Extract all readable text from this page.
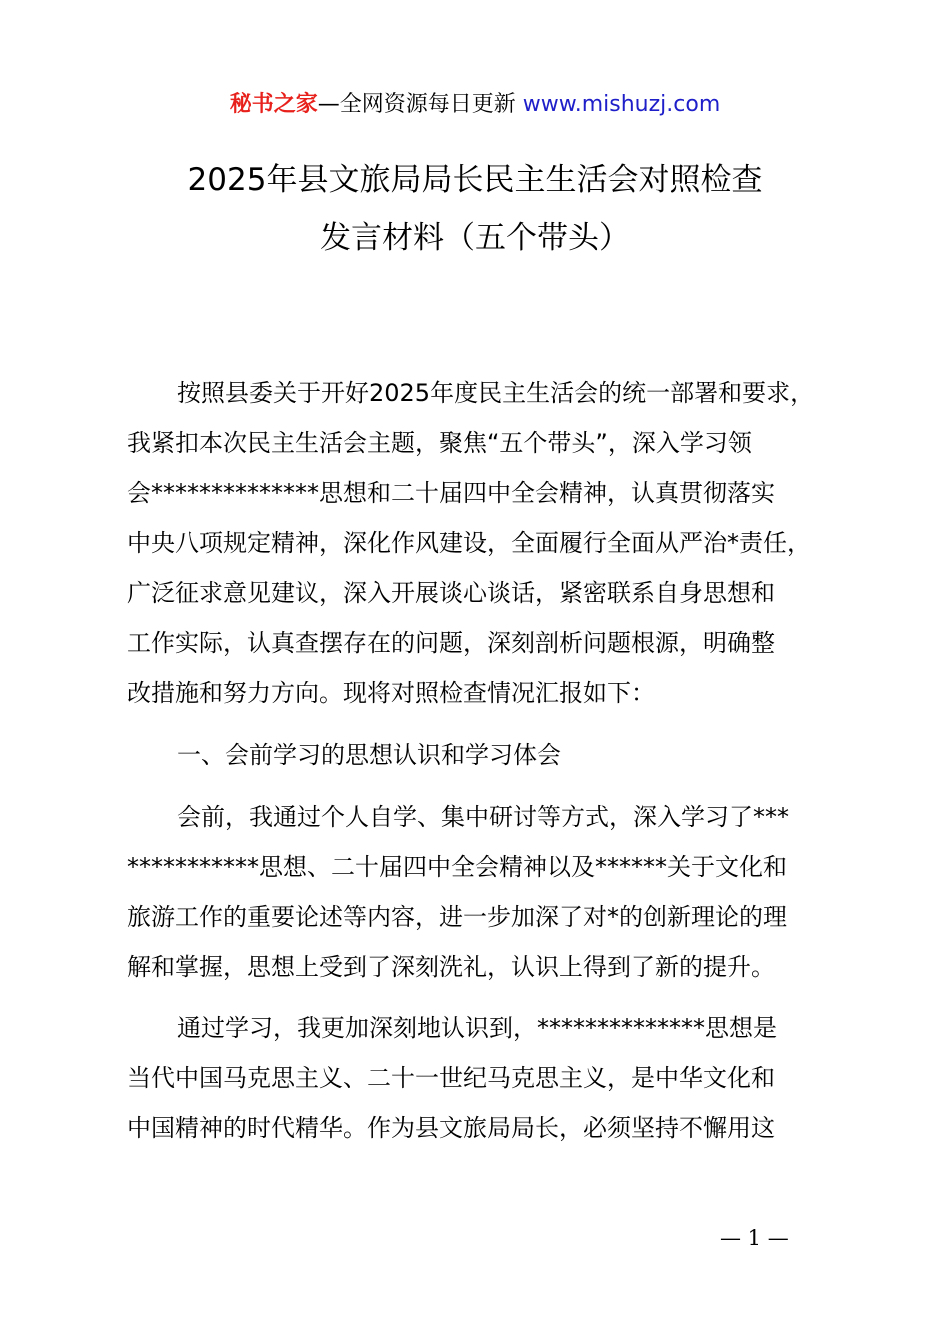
秘书之家—全网资源每日更新 www.mishuzj.com
2025年县文旅局局长民主生活会对照检查
发言材料（五个带头）
按照县委关于开好2025年度民主生活会的统一部署和要求，
我紧扣本次民主生活会主题，聚焦“五个带头”，深入学习领
会**************思想和二十届四中全会精神，认真贯彻落实
中央八项规定精神，深化作风建设，全面履行全面从严治*责任，
广泛征求意见建议，深入开展谈心谈话，紧密联系自身思想和
工作实际，认真查摆存在的问题，深刻剖析问题根源，明确整
改措施和努力方向。现将对照检查情况汇报如下：
一、会前学习的思想认识和学习体会
会前，我通过个人自学、集中研讨等方式，深入学习了***
***********思想、二十届四中全会精神以及******关于文化和
旅游工作的重要论述等内容，进一步加深了对*的创新理论的理
解和掌握，思想上受到了深刻洗礼，认识上得到了新的提升。
通过学习，我更加深刻地认识到，**************思想是
当代中国马克思主义、二十一世纪马克思主义，是中华文化和
中国精神的时代精华。作为县文旅局局长，必须坚持不懈用这
— 1 —
